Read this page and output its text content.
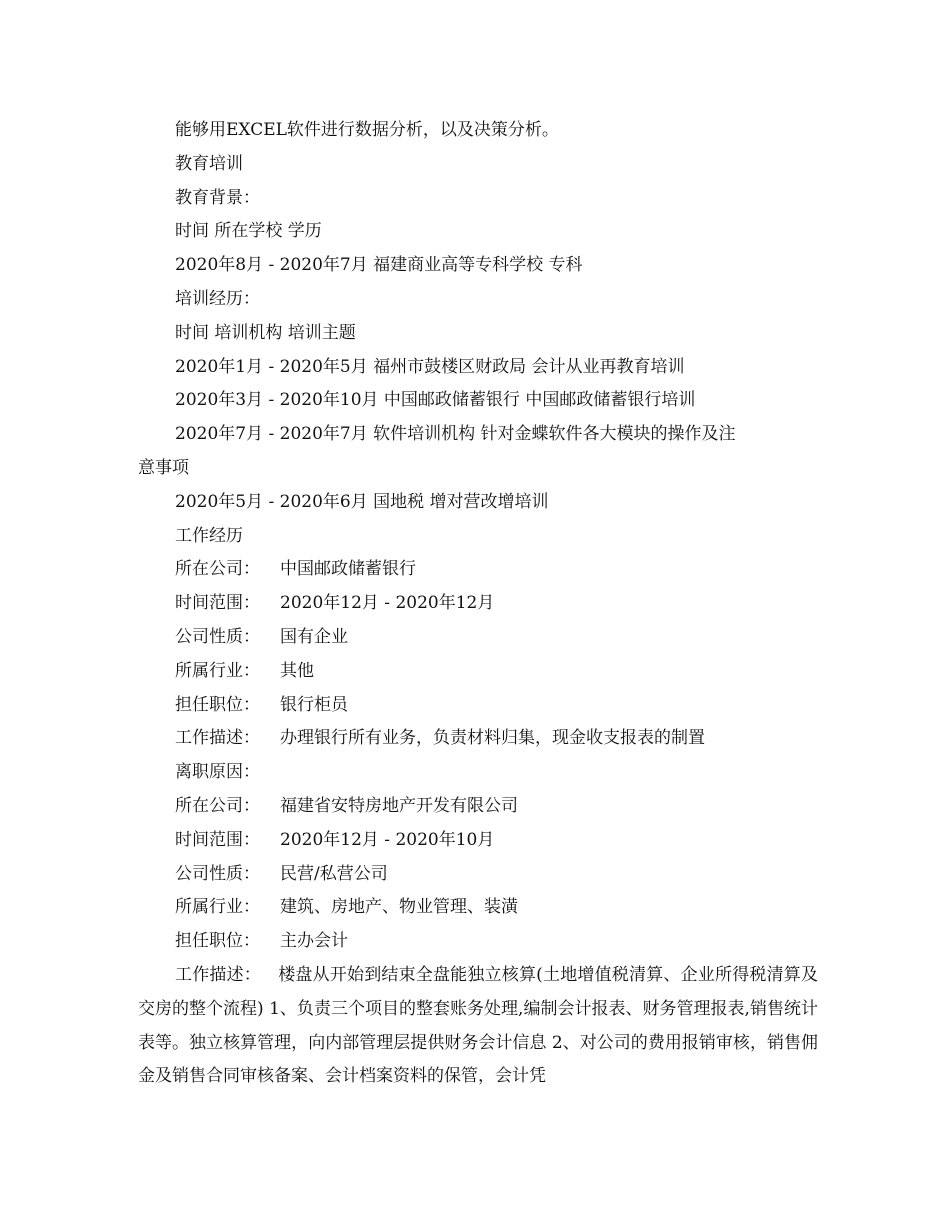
能够用EXCEL软件进行数据分析，以及决策分析。
教育培训
教育背景：
时间 所在学校 学历
2020年8月 - 2020年7月 福建商业高等专科学校 专科
培训经历：
时间 培训机构 培训主题
2020年1月 - 2020年5月 福州市鼓楼区财政局 会计从业再教育培训
2020年3月 - 2020年10月 中国邮政储蓄银行 中国邮政储蓄银行培训
2020年7月 - 2020年7月 软件培训机构 针对金蝶软件各大模块的操作及注
意事项
2020年5月 - 2020年6月 国地税 增对营改增培训
工作经历
所在公司： 中国邮政储蓄银行
时间范围： 2020年12月 - 2020年12月
公司性质： 国有企业
所属行业： 其他
担任职位： 银行柜员
工作描述： 办理银行所有业务，负责材料归集，现金收支报表的制置
离职原因：
所在公司： 福建省安特房地产开发有限公司
时间范围： 2020年12月 - 2020年10月
公司性质： 民营/私营公司
所属行业： 建筑、房地产、物业管理、装潢
担任职位： 主办会计

工作描述：  楼盘从开始到结束全盘能独立核算(土地增值税清算、企业所得税清算及交房的整个流程) 1、负责三个项目的整套账务处理,编制会计报表、财务管理报表,销售统计表等。独立核算管理，向内部管理层提供财务会计信息 2、对公司的费用报销审核，销售佣金及销售合同审核备案、会计档案资料的保管，会计凭
